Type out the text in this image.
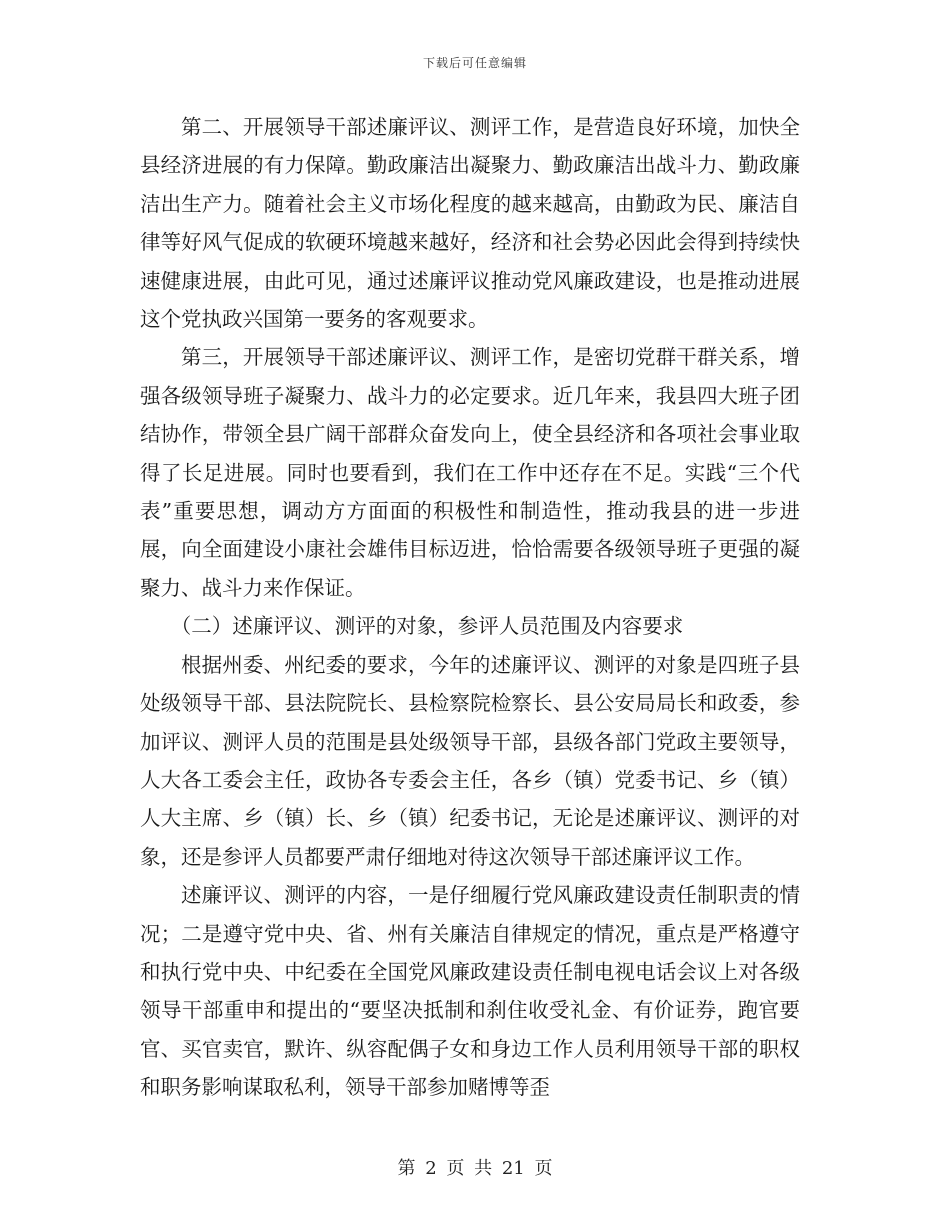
下载后可任意编辑

第二、开展领导干部述廉评议、测评工作，是营造良好环境，加快全县经济进展的有力保障。勤政廉洁出凝聚力、勤政廉洁出战斗力、勤政廉洁出生产力。随着社会主义市场化程度的越来越高，由勤政为民、廉洁自律等好风气促成的软硬环境越来越好，经济和社会势必因此会得到持续快速健康进展，由此可见，通过述廉评议推动党风廉政建设，也是推动进展这个党执政兴国第一要务的客观要求。

第三，开展领导干部述廉评议、测评工作，是密切党群干群关系，增强各级领导班子凝聚力、战斗力的必定要求。近几年来，我县四大班子团结协作，带领全县广阔干部群众奋发向上，使全县经济和各项社会事业取得了长足进展。同时也要看到，我们在工作中还存在不足。实践“三个代表”重要思想，调动方方面面的积极性和制造性，推动我县的进一步进展，向全面建设小康社会雄伟目标迈进，恰恰需要各级领导班子更强的凝聚力、战斗力来作保证。

（二）述廉评议、测评的对象，参评人员范围及内容要求

根据州委、州纪委的要求，今年的述廉评议、测评的对象是四班子县处级领导干部、县法院院长、县检察院检察长、县公安局局长和政委，参加评议、测评人员的范围是县处级领导干部，县级各部门党政主要领导，人大各工委会主任，政协各专委会主任，各乡（镇）党委书记、乡（镇）人大主席、乡（镇）长、乡（镇）纪委书记，无论是述廉评议、测评的对象，还是参评人员都要严肃仔细地对待这次领导干部述廉评议工作。

述廉评议、测评的内容，一是仔细履行党风廉政建设责任制职责的情况；二是遵守党中央、省、州有关廉洁自律规定的情况，重点是严格遵守和执行党中央、中纪委在全国党风廉政建设责任制电视电话会议上对各级领导干部重申和提出的“要坚决抵制和刹住收受礼金、有价证券，跑官要官、买官卖官，默许、纵容配偶子女和身边工作人员利用领导干部的职权和职务影响谋取私利，领导干部参加赌博等歪

第 2 页 共 21 页
